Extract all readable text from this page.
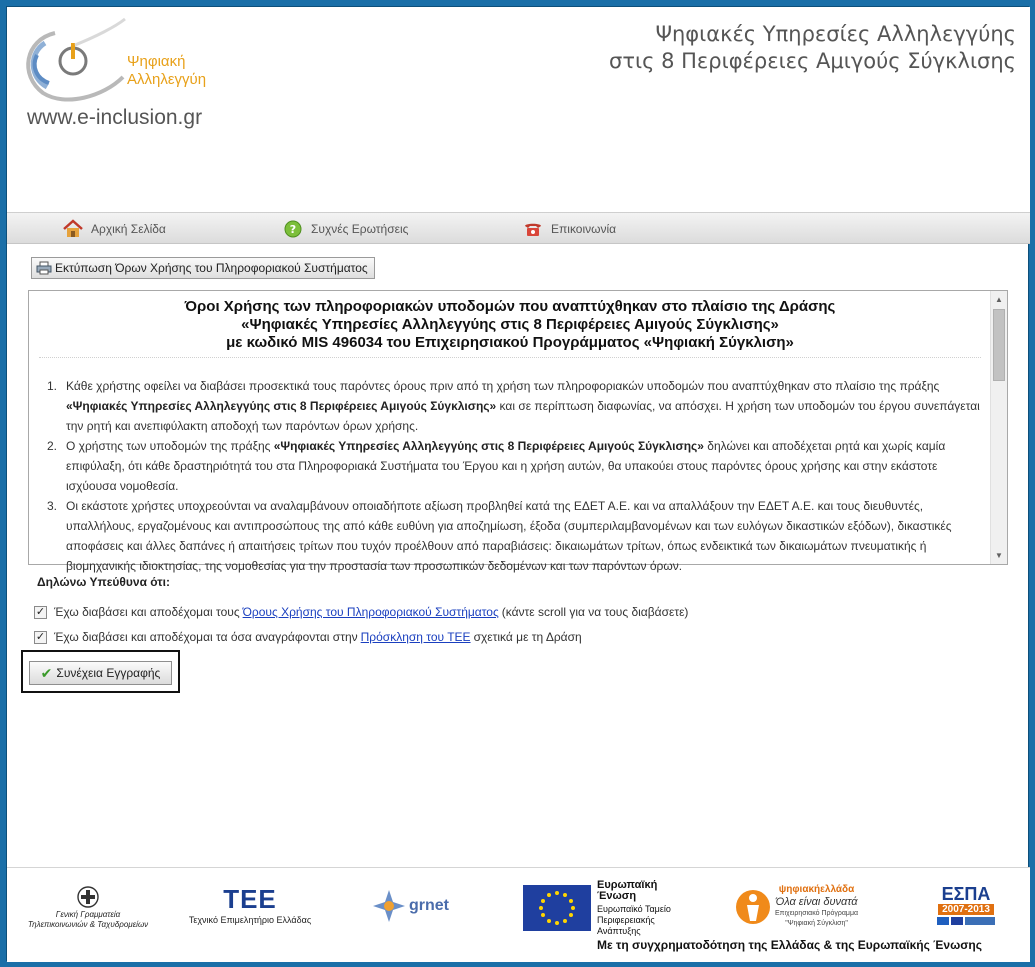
Ψηφιακή
Αλληλεγγύη
www.e-inclusion.gr
Ψηφιακές Υπηρεσίες Αλληλεγγύης
στις 8 Περιφέρειες Αμιγούς Σύγκλισης
Αρχική Σελίδα	? Συχνές Ερωτήσεις	Επικοινωνία
Εκτύπωση Όρων Χρήσης του Πληροφοριακού Συστήματος
Όροι Χρήσης των πληροφοριακών υποδομών που αναπτύχθηκαν στο πλαίσιο της Δράσης
«Ψηφιακές Υπηρεσίες Αλληλεγγύης στις 8 Περιφέρειες Αμιγούς Σύγκλισης»
με κωδικό MIS 496034 του Επιχειρησιακού Προγράμματος «Ψηφιακή Σύγκλιση»
1. Κάθε χρήστης οφείλει να διαβάσει προσεκτικά τους παρόντες όρους πριν από τη χρήση των πληροφοριακών υποδομών που αναπτύχθηκαν στο πλαίσιο της πράξης «Ψηφιακές Υπηρεσίες Αλληλεγγύης στις 8 Περιφέρειες Αμιγούς Σύγκλισης» και σε περίπτωση διαφωνίας, να απόσχει. Η χρήση των υποδομών του έργου συνεπάγεται την ρητή και ανεπιφύλακτη αποδοχή των παρόντων όρων χρήσης.
2. Ο χρήστης των υποδομών της πράξης «Ψηφιακές Υπηρεσίες Αλληλεγγύης στις 8 Περιφέρειες Αμιγούς Σύγκλισης» δηλώνει και αποδέχεται ρητά και χωρίς καμία επιφύλαξη, ότι κάθε δραστηριότητά του στα Πληροφοριακά Συστήματα του Έργου και η χρήση αυτών, θα υπακούει στους παρόντες όρους χρήσης και στην εκάστοτε ισχύουσα νομοθεσία.
3. Οι εκάστοτε χρήστες υποχρεούνται να αναλαμβάνουν οποιαδήποτε αξίωση προβληθεί κατά της ΕΔΕΤ Α.Ε. και να απαλλάξουν την ΕΔΕΤ Α.Ε. και τους διευθυντές, υπαλλήλους, εργαζομένους και αντιπροσώπους της από κάθε ευθύνη για αποζημίωση, έξοδα (συμπεριλαμβανομένων και των ευλόγων δικαστικών εξόδων), δικαστικές αποφάσεις και άλλες δαπάνες ή απαιτήσεις τρίτων που τυχόν προέλθουν από παραβιάσεις: δικαιωμάτων τρίτων, όπως ενδεικτικά των δικαιωμάτων πνευματικής ή βιομηχανικής ιδιοκτησίας, της νομοθεσίας για την προστασία των προσωπικών δεδομένων και των παρόντων όρων.
▲
▼
Δηλώνω Υπεύθυνα ότι:
✓ Έχω διαβάσει και αποδέχομαι τους Όρους Χρήσης του Πληροφοριακού Συστήματος (κάντε scroll για να τους διαβάσετε)
✓ Έχω διαβάσει και αποδέχομαι τα όσα αναγράφονται στην Πρόσκληση του ΤΕΕ σχετικά με τη Δράση
✔ Συνέχεια Εγγραφής
Γενική Γραμματεία
Τηλεπικοινωνιών & Ταχυδρομείων
ΤΕΕ
Τεχνικό Επιμελητήριο Ελλάδας
grnet
Ευρωπαϊκή Ένωση
Ευρωπαϊκό Ταμείο
Περιφερειακής
Ανάπτυξης
ψηφιακήελλάδα
Όλα είναι δυνατά
Επιχειρησιακό Πρόγραμμα
"Ψηφιακή Σύγκλιση"
ΕΣΠΑ
2007-2013
Με τη συγχρηματοδότηση της Ελλάδας & της Ευρωπαϊκής Ένωσης
